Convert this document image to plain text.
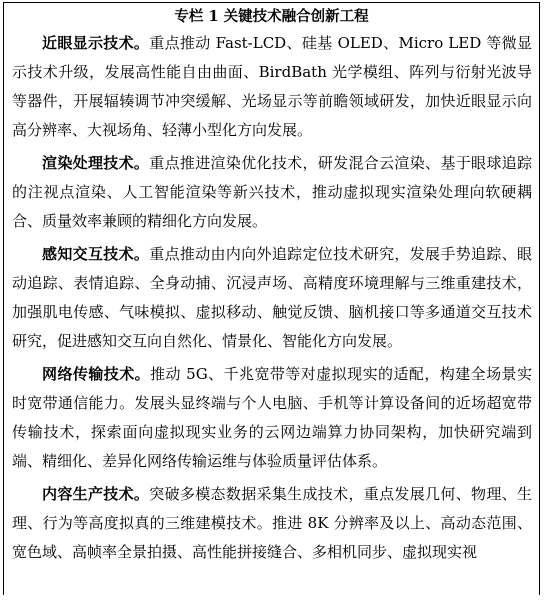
专栏 1 关键技术融合创新工程

近眼显示技术。重点推动 Fast-LCD、硅基 OLED、Micro LED 等微显示技术升级，发展高性能自由曲面、BirdBath 光学模组、阵列与衍射光波导等器件，开展辐辏调节冲突缓解、光场显示等前瞻领域研发，加快近眼显示向高分辨率、大视场角、轻薄小型化方向发展。

渲染处理技术。重点推进渲染优化技术，研发混合云渲染、基于眼球追踪的注视点渲染、人工智能渲染等新兴技术，推动虚拟现实渲染处理向软硬耦合、质量效率兼顾的精细化方向发展。

感知交互技术。重点推动由内向外追踪定位技术研究，发展手势追踪、眼动追踪、表情追踪、全身动捕、沉浸声场、高精度环境理解与三维重建技术，加强肌电传感、气味模拟、虚拟移动、触觉反馈、脑机接口等多通道交互技术研究，促进感知交互向自然化、情景化、智能化方向发展。

网络传输技术。推动 5G、千兆宽带等对虚拟现实的适配，构建全场景实时宽带通信能力。发展头显终端与个人电脑、手机等计算设备间的近场超宽带传输技术，探索面向虚拟现实业务的云网边端算力协同架构，加快研究端到端、精细化、差异化网络传输运维与体验质量评估体系。

内容生产技术。突破多模态数据采集生成技术，重点发展几何、物理、生理、行为等高度拟真的三维建模技术。推进 8K 分辨率及以上、高动态范围、宽色域、高帧率全景拍摄、高性能拼接缝合、多相机同步、虚拟现实视
